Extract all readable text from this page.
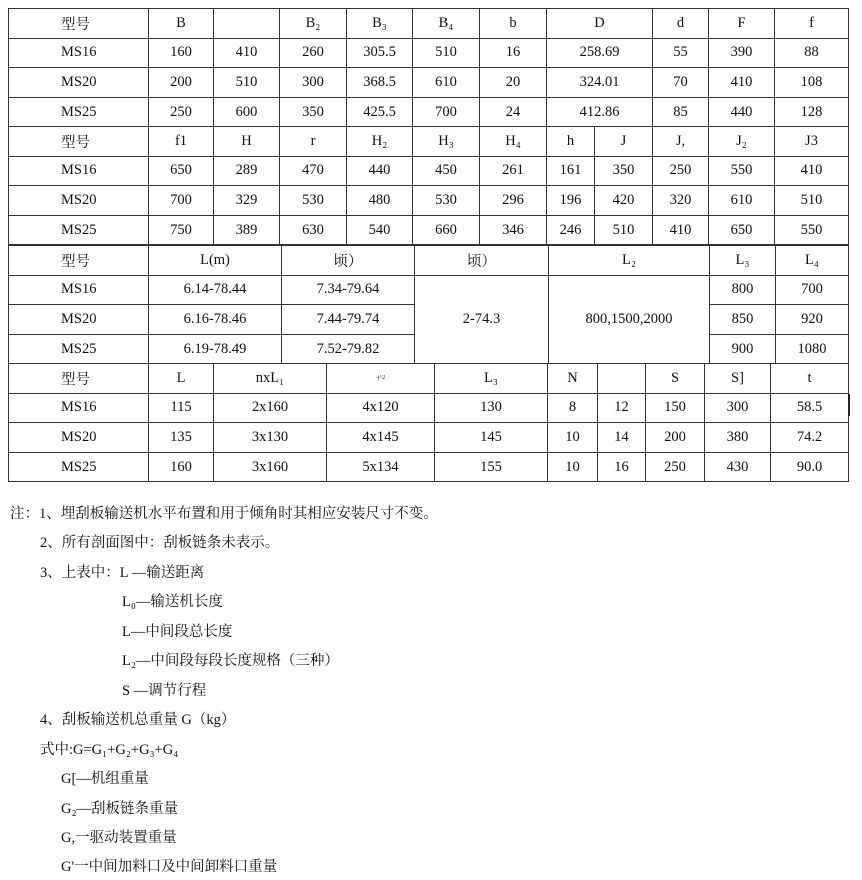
型号	B		B₂	B₃	B₄	b	D	d	F	f
MS16	160	410	260	305.5	510	16	258.69	55	390	88
MS20	200	510	300	368.5	610	20	324.01	70	410	108
MS25	250	600	350	425.5	700	24	412.86	85	440	128
型号	f1	H	r	H₂	H₃	H₄	h	J	J,	J₂	J3
MS16	650	289	470	440	450	261	161	350	250	550	410
MS20	700	329	530	480	530	296	196	420	320	610	510
MS25	750	389	630	540	660	346	246	510	410	650	550
型号	L(m)	顷）	顷）	L₂	L₃	L₄
MS16	6.14-78.44	7.34-79.64	2-74.3	800,1500,2000	800	700
MS20	6.16-78.46	7.44-79.74			850	920
MS25	6.19-78.49	7.52-79.82			900	1080
型号	L	nxL₁	-j^2	L₃	N		S	S]	t
MS16	115	2x160	4x120	130	8	12	150	300	58.5
MS20	135	3x130	4x145	145	10	14	200	380	74.2
MS25	160	3x160	5x134	155	10	16	250	430	90.0
注：1、埋刮板输送机水平布置和用于倾角时其相应安装尺寸不变。
2、所有剖面图中：刮板链条未表示。
3、上表中：L —输送距离
L₀—输送机长度
L—中间段总长度
L₂—中间段每段长度规格（三种）
S —调节行程
4、刮板输送机总重量 G（kg）
式中:G=G₁+G₂+G₃+G₄
G[—机组重量
G₂—刮板链条重量
G,一驱动装置重量
G'一中间加料口及中间卸料口重量
